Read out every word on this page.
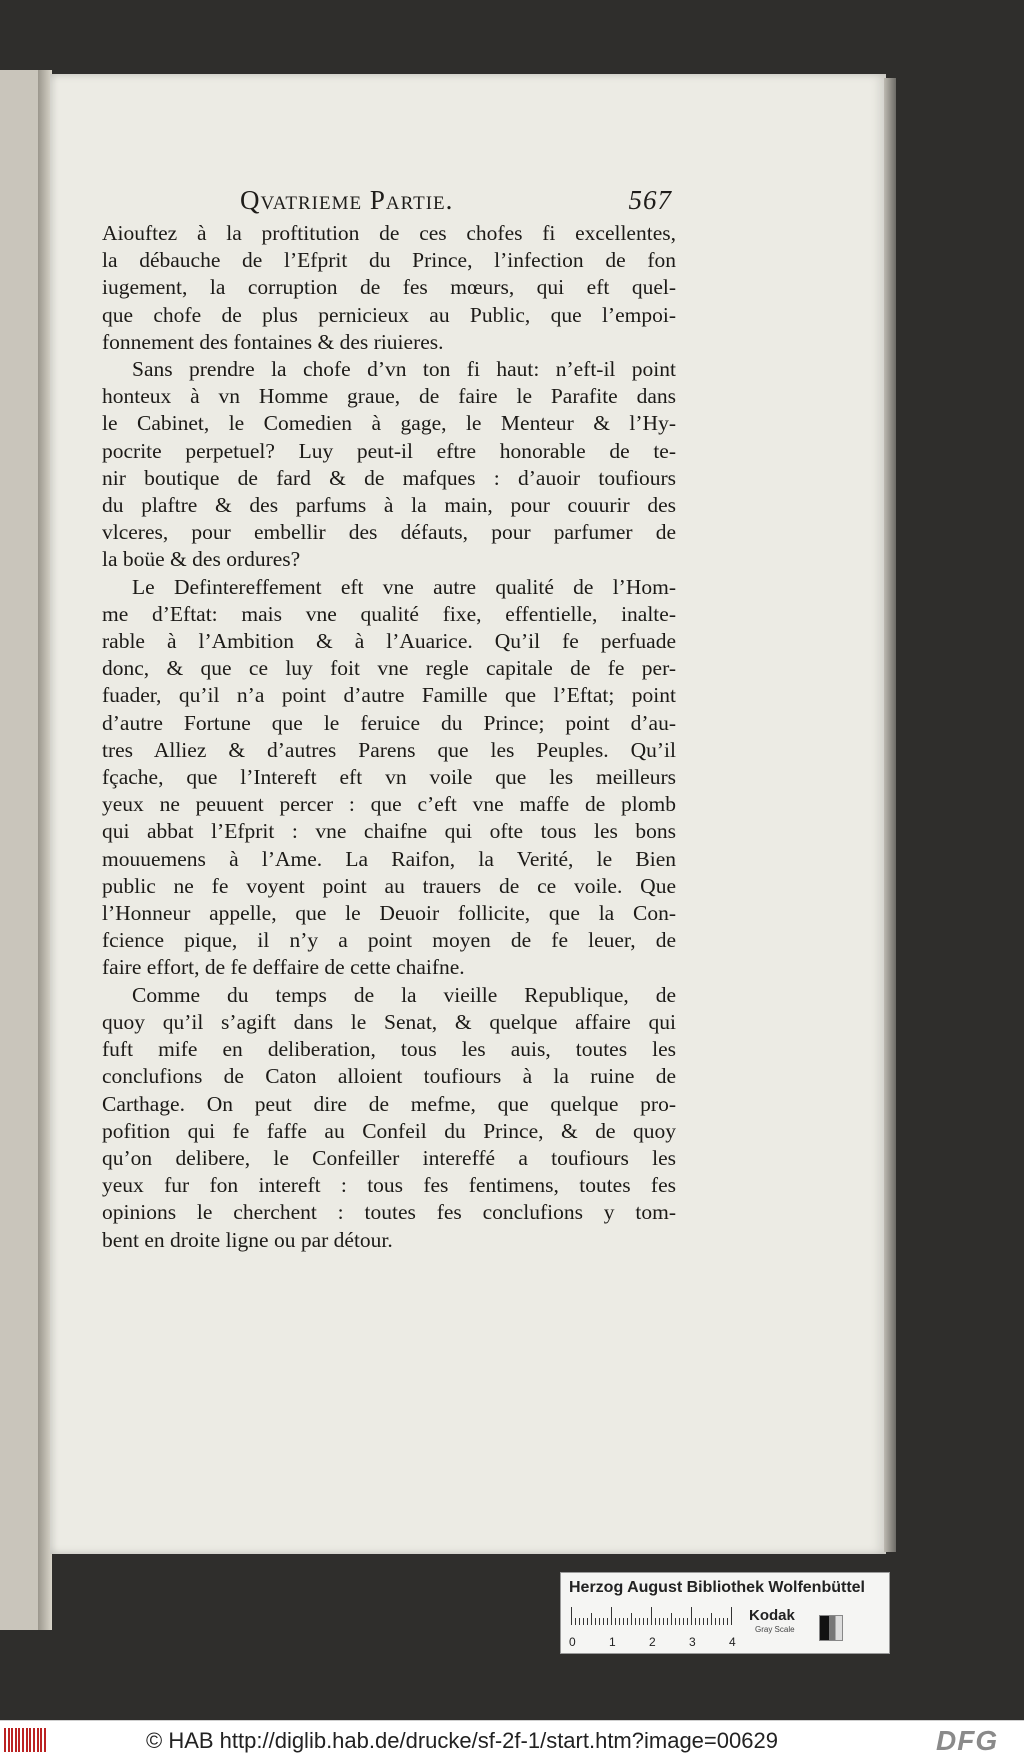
Qvatrieme Partie.	567
Aiouftez à la proftitution de ces chofes fi excellentes,
la débauche de l’Efprit du Prince, l’infection de fon
iugement, la corruption de fes mœurs, qui eft quel-
que chofe de plus pernicieux au Public, que l’empoi-
fonnement des fontaines & des riuieres.
Sans prendre la chofe d’vn ton fi haut: n’eft-il point
honteux à vn Homme graue, de faire le Parafite dans
le Cabinet, le Comedien à gage, le Menteur & l’Hy-
pocrite perpetuel? Luy peut-il eftre honorable de te-
nir boutique de fard & de mafques : d’auoir toufiours
du plaftre & des parfums à la main, pour couurir des
vlceres, pour embellir des défauts, pour parfumer de
la boüe & des ordures?
Le Defintereffement eft vne autre qualité de l’Hom-
me d’Eftat: mais vne qualité fixe, effentielle, inalte-
rable à l’Ambition & à l’Auarice. Qu’il fe perfuade
donc, & que ce luy foit vne regle capitale de fe per-
fuader, qu’il n’a point d’autre Famille que l’Eftat; point
d’autre Fortune que le feruice du Prince; point d’au-
tres Alliez & d’autres Parens que les Peuples. Qu’il
fçache, que l’Intereft eft vn voile que les meilleurs
yeux ne peuuent percer : que c’eft vne maffe de plomb
qui abbat l’Efprit : vne chaifne qui ofte tous les bons
mouuemens à l’Ame. La Raifon, la Verité, le Bien
public ne fe voyent point au trauers de ce voile. Que
l’Honneur appelle, que le Deuoir follicite, que la Con-
fcience pique, il n’y a point moyen de fe leuer, de
faire effort, de fe deffaire de cette chaifne.
Comme du temps de la vieille Republique, de
quoy qu’il s’agift dans le Senat, & quelque affaire qui
fuft mife en deliberation, tous les auis, toutes les
conclufions de Caton alloient toufiours à la ruine de
Carthage. On peut dire de mefme, que quelque pro-
pofition qui fe faffe au Confeil du Prince, & de quoy
qu’on delibere, le Confeiller intereffé a toufiours les
yeux fur fon intereft : tous fes fentimens, toutes fes
opinions le cherchent : toutes fes conclufions y tom-
bent en droite ligne ou par détour.
Herzog August Bibliothek Wolfenbüttel
0	1	2	3	4
Kodak
Gray Scale
© HAB http://diglib.hab.de/drucke/sf-2f-1/start.htm?image=00629	DFG
